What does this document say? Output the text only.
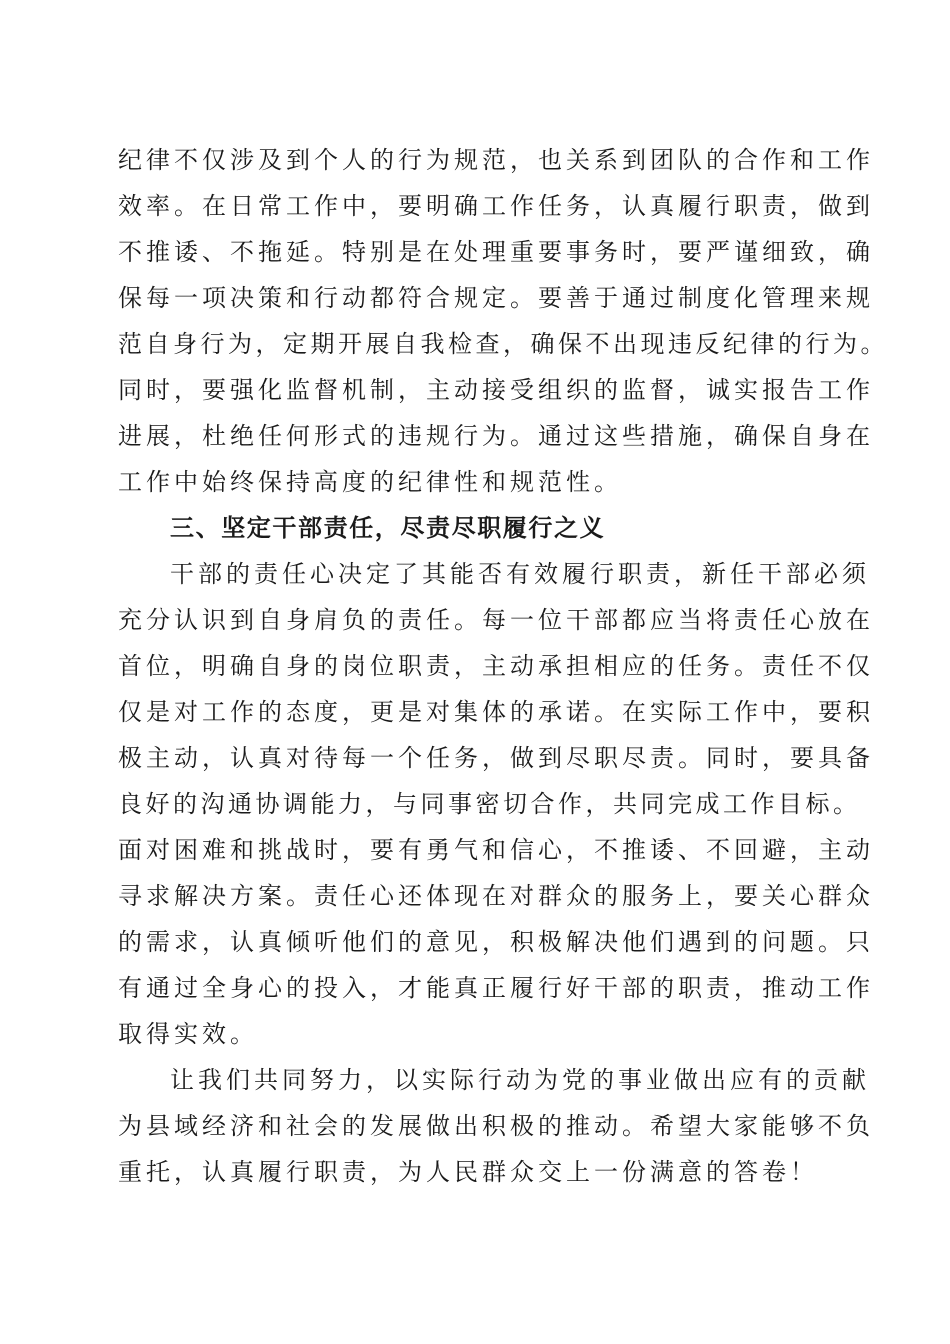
纪律不仅涉及到个人的行为规范，也关系到团队的合作和工作
效率。在日常工作中，要明确工作任务，认真履行职责，做到
不推诿、不拖延。特别是在处理重要事务时，要严谨细致，确
保每一项决策和行动都符合规定。要善于通过制度化管理来规
范自身行为，定期开展自我检查，确保不出现违反纪律的行为。
同时，要强化监督机制，主动接受组织的监督，诚实报告工作
进展，杜绝任何形式的违规行为。通过这些措施，确保自身在
工作中始终保持高度的纪律性和规范性。
三、坚定干部责任，尽责尽职履行之义
干部的责任心决定了其能否有效履行职责，新任干部必须
充分认识到自身肩负的责任。每一位干部都应当将责任心放在
首位，明确自身的岗位职责，主动承担相应的任务。责任不仅
仅是对工作的态度，更是对集体的承诺。在实际工作中，要积
极主动，认真对待每一个任务，做到尽职尽责。同时，要具备
良好的沟通协调能力，与同事密切合作，共同完成工作目标。
面对困难和挑战时，要有勇气和信心，不推诿、不回避，主动
寻求解决方案。责任心还体现在对群众的服务上，要关心群众
的需求，认真倾听他们的意见，积极解决他们遇到的问题。只
有通过全身心的投入，才能真正履行好干部的职责，推动工作
取得实效。
让我们共同努力，以实际行动为党的事业做出应有的贡献
为县域经济和社会的发展做出积极的推动。希望大家能够不负
重托，认真履行职责，为人民群众交上一份满意的答卷！
